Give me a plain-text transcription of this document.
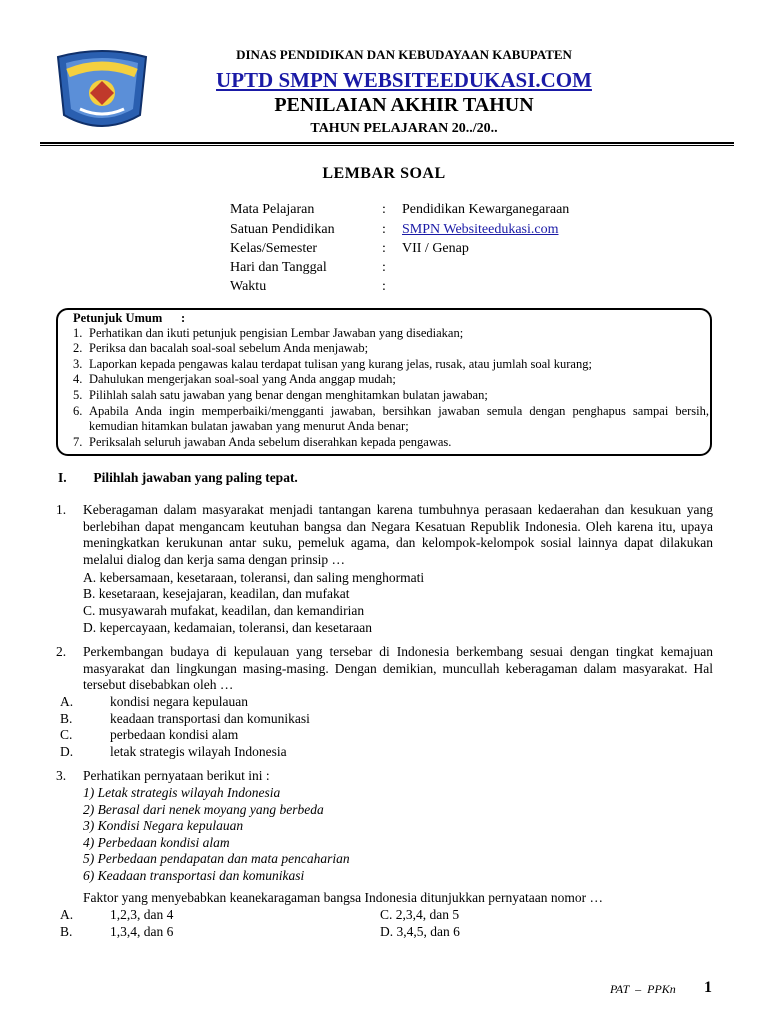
DINAS PENDIDIKAN DAN KEBUDAYAAN KABUPATEN
UPTD SMPN WEBSITEEDUKASI.COM
PENILAIAN AKHIR TAHUN
TAHUN PELAJARAN 20../20..
LEMBAR SOAL
Mata Pelajaran	: Pendidikan Kewarganegaraan
Satuan Pendidikan	: SMPN Websiteedukasi.com
Kelas/Semester	: VII / Genap
Hari dan Tanggal	:
Waktu	:
Petunjuk Umum      :
1. Perhatikan dan ikuti petunjuk pengisian Lembar Jawaban yang disediakan;
2. Periksa dan bacalah soal-soal sebelum Anda menjawab;
3. Laporkan kepada pengawas kalau terdapat tulisan yang kurang jelas, rusak, atau jumlah soal kurang;
4. Dahulukan mengerjakan soal-soal yang Anda anggap mudah;
5. Pilihlah salah satu jawaban yang benar dengan menghitamkan bulatan jawaban;
6. Apabila Anda ingin memperbaiki/mengganti jawaban, bersihkan jawaban semula dengan penghapus sampai bersih, kemudian hitamkan bulatan jawaban yang menurut Anda benar;
7. Periksalah seluruh jawaban Anda sebelum diserahkan kepada pengawas.
I. Pilihlah jawaban yang paling tepat.
1. Keberagaman dalam masyarakat menjadi tantangan karena tumbuhnya perasaan kedaerahan dan kesukuan yang berlebihan dapat mengancam keutuhan bangsa dan Negara Kesatuan Republik Indonesia. Oleh karena itu, upaya meningkatkan kerukunan antar suku, pemeluk agama, dan kelompok-kelompok sosial lainnya dapat dilakukan melalui dialog dan kerja sama dengan prinsip …
A. kebersamaan, kesetaraan, toleransi, dan saling menghormati
B. kesetaraan, kesejajaran, keadilan, dan mufakat
C. musyawarah mufakat, keadilan, dan kemandirian
D. kepercayaan, kedamaian, toleransi, dan kesetaraan
2. Perkembangan budaya di kepulauan yang tersebar di Indonesia berkembang sesuai dengan tingkat kemajuan masyarakat dan lingkungan masing-masing. Dengan demikian, muncullah keberagaman dalam masyarakat. Hal tersebut disebabkan oleh …
A.	kondisi negara kepulauan
B.	keadaan transportasi dan komunikasi
C.	perbedaan kondisi alam
D.	letak strategis wilayah Indonesia
3. Perhatikan pernyataan berikut ini :
1) Letak strategis wilayah Indonesia
2) Berasal dari nenek moyang yang berbeda
3) Kondisi Negara kepulauan
4) Perbedaan kondisi alam
5) Perbedaan pendapatan dan mata pencaharian
6) Keadaan transportasi dan komunikasi
Faktor yang menyebabkan keanekaragaman bangsa Indonesia ditunjukkan pernyataan nomor …
A.	1,2,3, dan 4	C. 2,3,4, dan 5
B.	1,3,4, dan 6	D. 3,4,5, dan 6
PAT  –  PPKn 1
